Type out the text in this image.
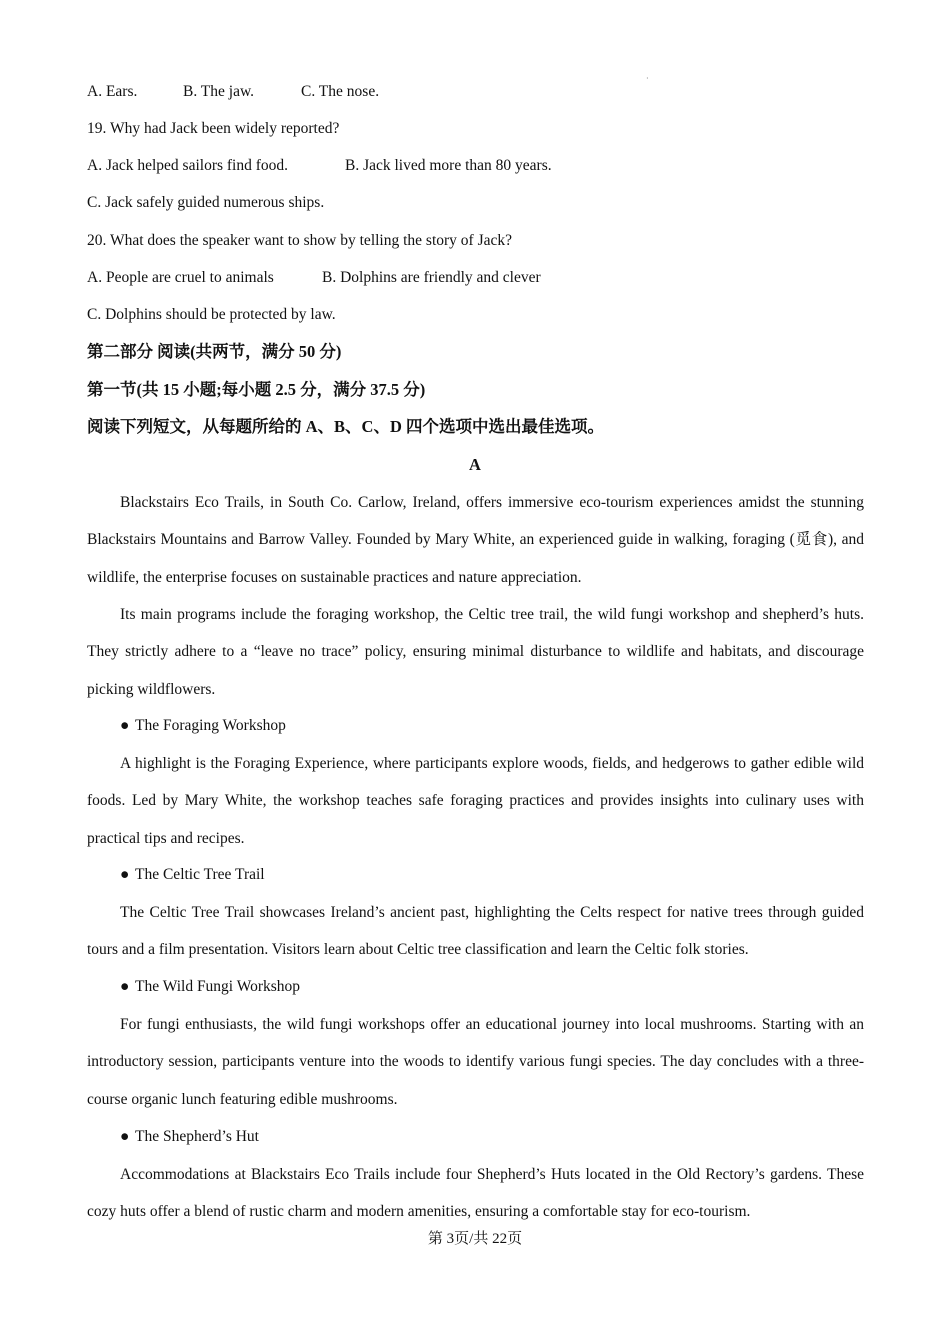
·
A. Ears.	B. The jaw.	C. The nose.
19. Why had Jack been widely reported?
A. Jack helped sailors find food.	B. Jack lived more than 80 years.
C. Jack safely guided numerous ships.
20. What does the speaker want to show by telling the story of Jack?
A. People are cruel to animals	B. Dolphins are friendly and clever
C. Dolphins should be protected by law.
第二部分 阅读(共两节，满分 50 分)
第一节(共 15 小题;每小题 2.5 分，满分 37.5 分)
阅读下列短文，从每题所给的 A、B、C、D 四个选项中选出最佳选项。
A
Blackstairs Eco Trails, in South Co. Carlow, Ireland, offers immersive eco-tourism experiences amidst the stunning Blackstairs Mountains and Barrow Valley. Founded by Mary White, an experienced guide in walking, foraging (觅食), and wildlife, the enterprise focuses on sustainable practices and nature appreciation.
Its main programs include the foraging workshop, the Celtic tree trail, the wild fungi workshop and shepherd’s huts. They strictly adhere to a “leave no trace” policy, ensuring minimal disturbance to wildlife and habitats, and discourage picking wildflowers.
● The Foraging Workshop
A highlight is the Foraging Experience, where participants explore woods, fields, and hedgerows to gather edible wild foods. Led by Mary White, the workshop teaches safe foraging practices and provides insights into culinary uses with practical tips and recipes.
● The Celtic Tree Trail
The Celtic Tree Trail showcases Ireland’s ancient past, highlighting the Celts respect for native trees through guided tours and a film presentation. Visitors learn about Celtic tree classification and learn the Celtic folk stories.
● The Wild Fungi Workshop
For fungi enthusiasts, the wild fungi workshops offer an educational journey into local mushrooms. Starting with an introductory session, participants venture into the woods to identify various fungi species. The day concludes with a three-course organic lunch featuring edible mushrooms.
● The Shepherd’s Hut
Accommodations at Blackstairs Eco Trails include four Shepherd’s Huts located in the Old Rectory’s gardens. These cozy huts offer a blend of rustic charm and modern amenities, ensuring a comfortable stay for eco-tourism.
第 3页/共 22页
